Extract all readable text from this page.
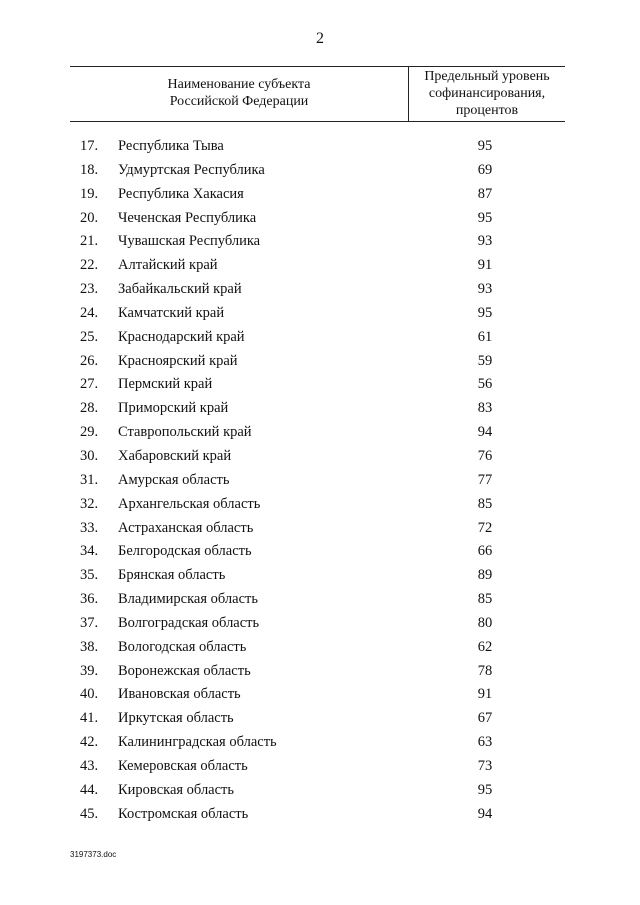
2
Наименование субъекта
Российской Федерации
Предельный уровень
софинансирования,
процентов
17.	Республика Тыва	95
18.	Удмуртская Республика	69
19.	Республика Хакасия	87
20.	Чеченская Республика	95
21.	Чувашская Республика	93
22.	Алтайский край	91
23.	Забайкальский край	93
24.	Камчатский край	95
25.	Краснодарский край	61
26.	Красноярский край	59
27.	Пермский край	56
28.	Приморский край	83
29.	Ставропольский край	94
30.	Хабаровский край	76
31.	Амурская область	77
32.	Архангельская область	85
33.	Астраханская область	72
34.	Белгородская область	66
35.	Брянская область	89
36.	Владимирская область	85
37.	Волгоградская область	80
38.	Вологодская область	62
39.	Воронежская область	78
40.	Ивановская область	91
41.	Иркутская область	67
42.	Калининградская область	63
43.	Кемеровская область	73
44.	Кировская область	95
45.	Костромская область	94
3197373.doc
